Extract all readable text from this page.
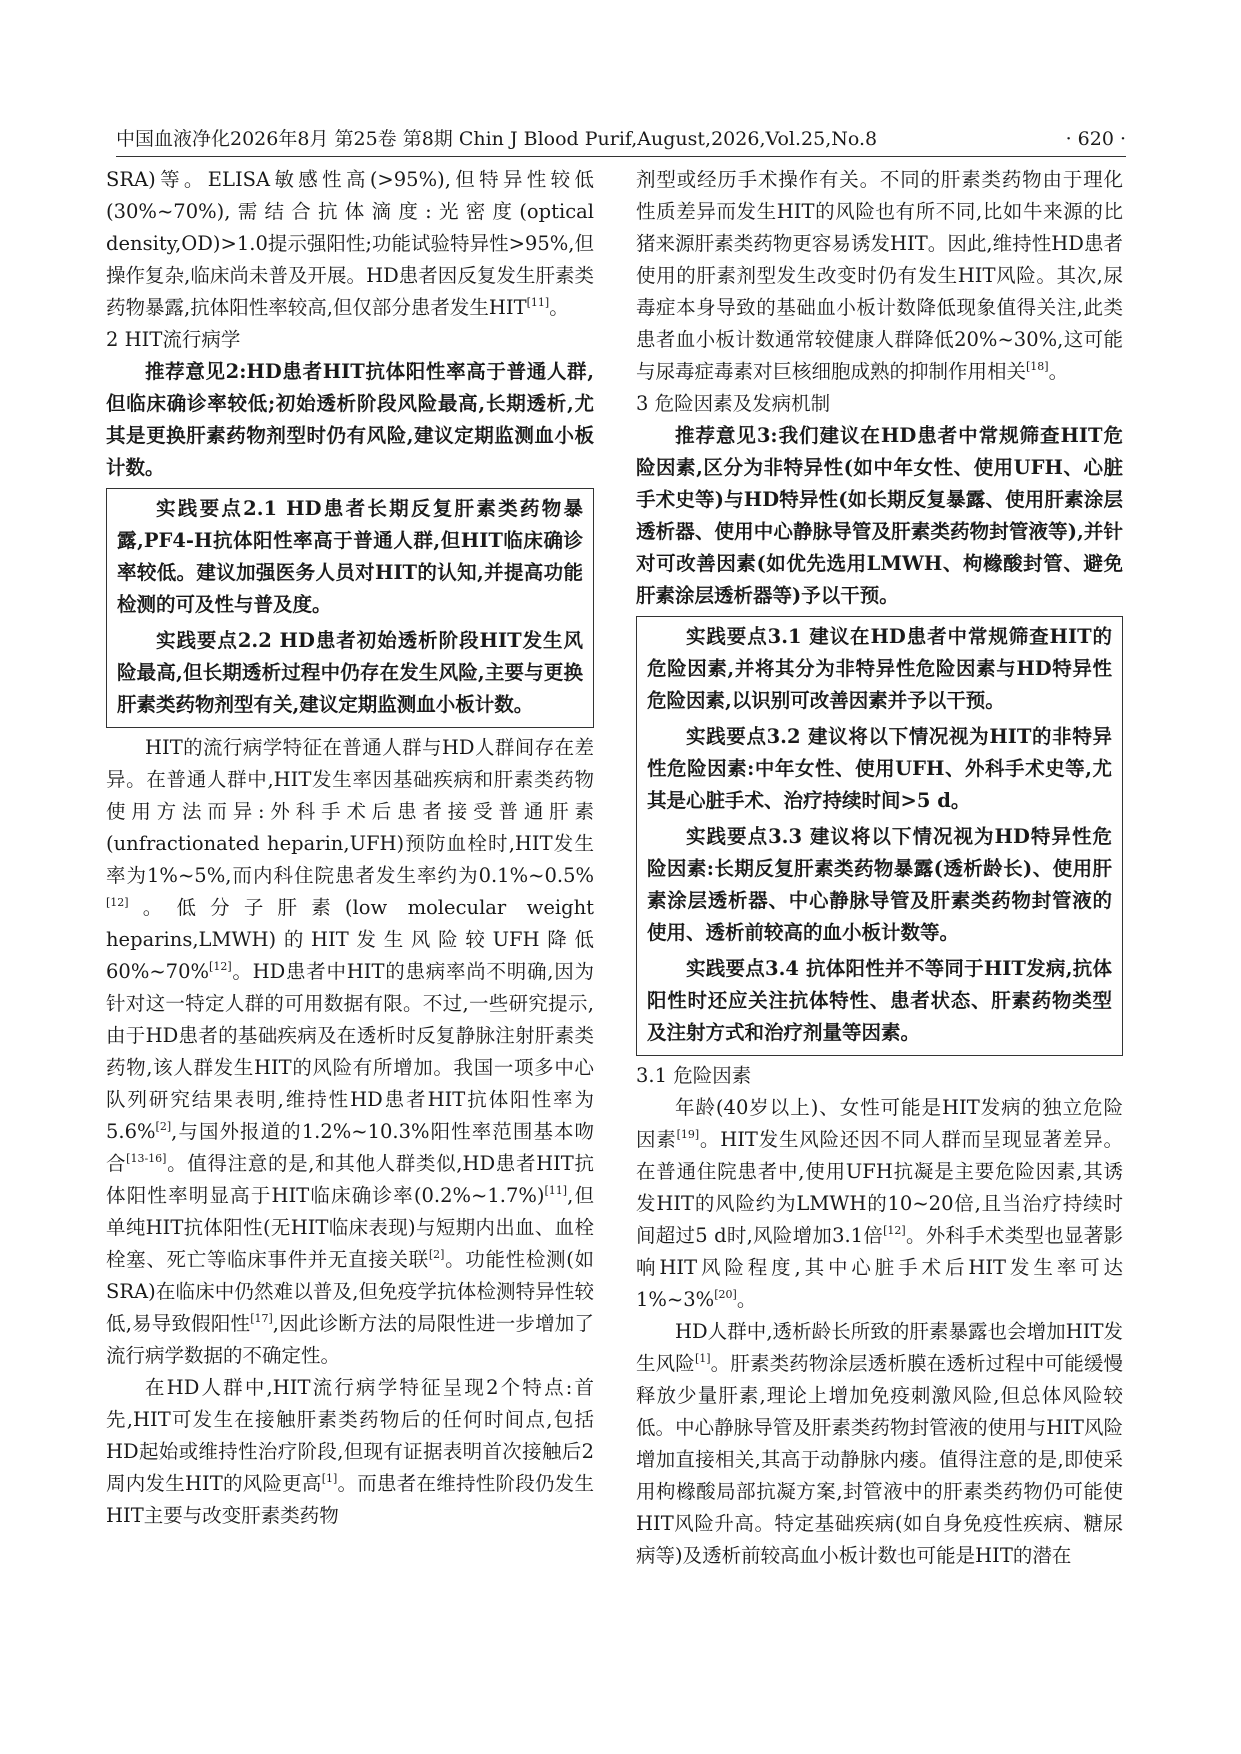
中国血液净化2026年8月 第25卷 第8期 Chin J Blood Purif,August,2026,Vol.25,No.8	· 620 ·

SRA)等。ELISA敏感性高(>95%),但特异性较低(30%~70%),需结合抗体滴度:光密度(optical density,OD)>1.0提示强阳性;功能试验特异性>95%,但操作复杂,临床尚未普及开展。HD患者因反复发生肝素类药物暴露,抗体阳性率较高,但仅部分患者发生HIT[11]。

2 HIT流行病学

推荐意见2:HD患者HIT抗体阳性率高于普通人群,但临床确诊率较低;初始透析阶段风险最高,长期透析,尤其是更换肝素药物剂型时仍有风险,建议定期监测血小板计数。

实践要点2.1 HD患者长期反复肝素类药物暴露,PF4-H抗体阳性率高于普通人群,但HIT临床确诊率较低。建议加强医务人员对HIT的认知,并提高功能检测的可及性与普及度。

实践要点2.2 HD患者初始透析阶段HIT发生风险最高,但长期透析过程中仍存在发生风险,主要与更换肝素类药物剂型有关,建议定期监测血小板计数。

HIT的流行病学特征在普通人群与HD人群间存在差异。在普通人群中,HIT发生率因基础疾病和肝素类药物使用方法而异:外科手术后患者接受普通肝素(unfractionated heparin,UFH)预防血栓时,HIT发生率为1%~5%,而内科住院患者发生率约为0.1%~0.5%[12]。低分子肝素(low molecular weight heparins,LMWH)的HIT发生风险较UFH降低60%~70%[12]。HD患者中HIT的患病率尚不明确,因为针对这一特定人群的可用数据有限。不过,一些研究提示,由于HD患者的基础疾病及在透析时反复静脉注射肝素类药物,该人群发生HIT的风险有所增加。我国一项多中心队列研究结果表明,维持性HD患者HIT抗体阳性率为5.6%[2],与国外报道的1.2%~10.3%阳性率范围基本吻合[13-16]。值得注意的是,和其他人群类似,HD患者HIT抗体阳性率明显高于HIT临床确诊率(0.2%~1.7%)[11],但单纯HIT抗体阳性(无HIT临床表现)与短期内出血、血栓栓塞、死亡等临床事件并无直接关联[2]。功能性检测(如SRA)在临床中仍然难以普及,但免疫学抗体检测特异性较低,易导致假阳性[17],因此诊断方法的局限性进一步增加了流行病学数据的不确定性。

在HD人群中,HIT流行病学特征呈现2个特点:首先,HIT可发生在接触肝素类药物后的任何时间点,包括HD起始或维持性治疗阶段,但现有证据表明首次接触后2周内发生HIT的风险更高[1]。而患者在维持性阶段仍发生HIT主要与改变肝素类药物

剂型或经历手术操作有关。不同的肝素类药物由于理化性质差异而发生HIT的风险也有所不同,比如牛来源的比猪来源肝素类药物更容易诱发HIT。因此,维持性HD患者使用的肝素剂型发生改变时仍有发生HIT风险。其次,尿毒症本身导致的基础血小板计数降低现象值得关注,此类患者血小板计数通常较健康人群降低20%~30%,这可能与尿毒症毒素对巨核细胞成熟的抑制作用相关[18]。

3 危险因素及发病机制

推荐意见3:我们建议在HD患者中常规筛查HIT危险因素,区分为非特异性(如中年女性、使用UFH、心脏手术史等)与HD特异性(如长期反复暴露、使用肝素涂层透析器、使用中心静脉导管及肝素类药物封管液等),并针对可改善因素(如优先选用LMWH、枸橼酸封管、避免肝素涂层透析器等)予以干预。

实践要点3.1 建议在HD患者中常规筛查HIT的危险因素,并将其分为非特异性危险因素与HD特异性危险因素,以识别可改善因素并予以干预。

实践要点3.2 建议将以下情况视为HIT的非特异性危险因素:中年女性、使用UFH、外科手术史等,尤其是心脏手术、治疗持续时间>5 d。

实践要点3.3 建议将以下情况视为HD特异性危险因素:长期反复肝素类药物暴露(透析龄长)、使用肝素涂层透析器、中心静脉导管及肝素类药物封管液的使用、透析前较高的血小板计数等。

实践要点3.4 抗体阳性并不等同于HIT发病,抗体阳性时还应关注抗体特性、患者状态、肝素药物类型及注射方式和治疗剂量等因素。

3.1 危险因素

年龄(40岁以上)、女性可能是HIT发病的独立危险因素[19]。HIT发生风险还因不同人群而呈现显著差异。在普通住院患者中,使用UFH抗凝是主要危险因素,其诱发HIT的风险约为LMWH的10~20倍,且当治疗持续时间超过5 d时,风险增加3.1倍[12]。外科手术类型也显著影响HIT风险程度,其中心脏手术后HIT发生率可达1%~3%[20]。

HD人群中,透析龄长所致的肝素暴露也会增加HIT发生风险[1]。肝素类药物涂层透析膜在透析过程中可能缓慢释放少量肝素,理论上增加免疫刺激风险,但总体风险较低。中心静脉导管及肝素类药物封管液的使用与HIT风险增加直接相关,其高于动静脉内瘘。值得注意的是,即使采用枸橼酸局部抗凝方案,封管液中的肝素类药物仍可能使HIT风险升高。特定基础疾病(如自身免疫性疾病、糖尿病等)及透析前较高血小板计数也可能是HIT的潜在
